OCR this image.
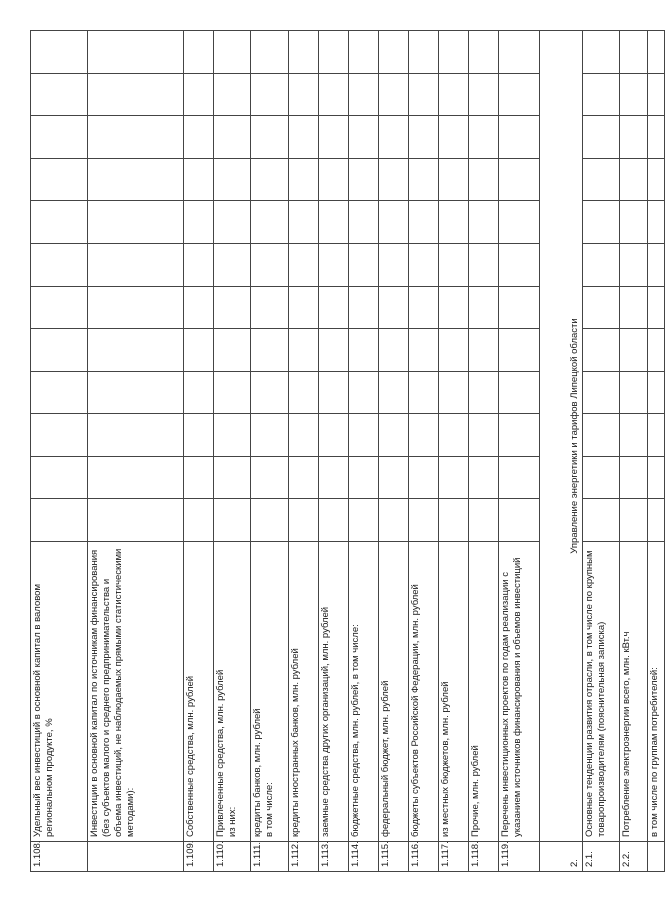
1.108.	Удельный вес инвестиций в основной капитал в валовом региональном продукте, %												
	Инвестиции в основной капитал по источникам финансирования (без субъектов малого и среднего предпринимательства и объема инвестиций, не наблюдаемых прямыми статистическими методами):												
1.109.	Собственные средства, млн. рублей												
1.110.	Привлеченные средства, млн. рублей из них:												

1.111.	кредиты банков, млн. рублей в том числе:												

1.112.	кредиты иностранных банков, млн. рублей												
1.113.	заемные средства других организаций, млн. рублей												
1.114.	бюджетные средства, млн. рублей, в том числе:												
1.115.	федеральный бюджет, млн. рублей												
1.116.	бюджеты субъектов Российской Федерации, млн. рублей												
1.117.	из местных бюджетов, млн. рублей												
1.118.	Прочие, млн. рублей												
1.119.	Перечень инвестиционных проектов по годам реализации с указанием источников финансирования и объемов инвестиций												
2.	Управление энергетики и тарифов Липецкой области												
2.1.	Основные тенденции развития отрасли, в том числе по крупным товаропроизводителям (пояснительная записка)												
2.2.	Потребление электроэнергии всего, млн. кВт.ч												
	в том числе по группам потребителей:												
